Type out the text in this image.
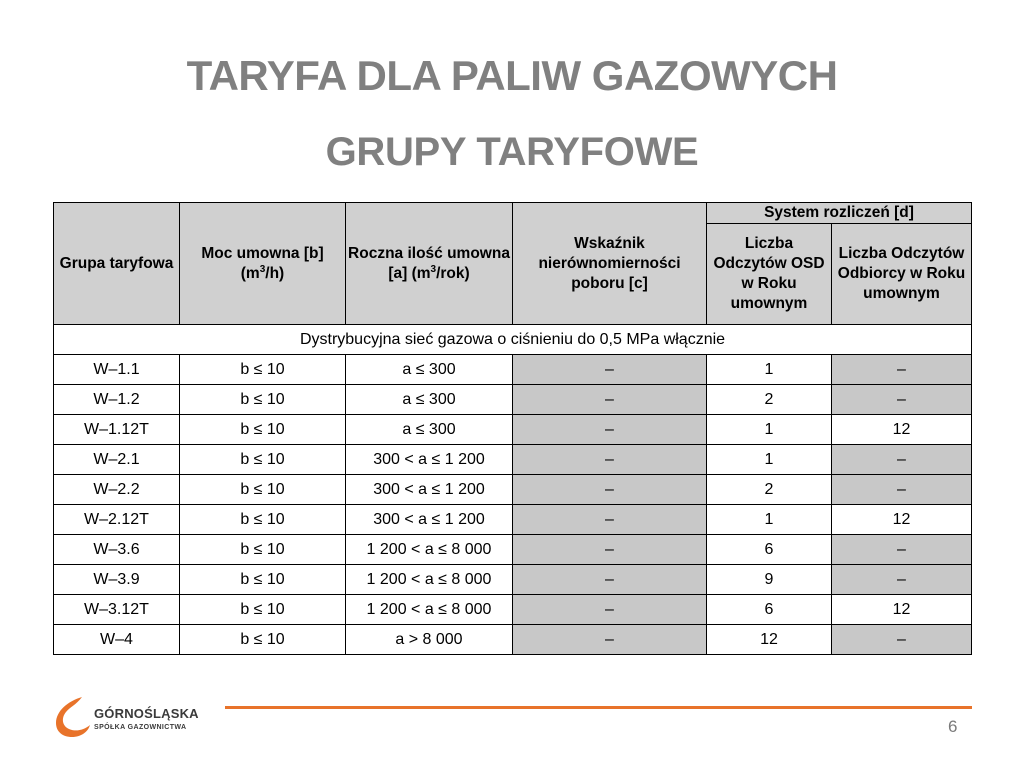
TARYFA DLA PALIW GAZOWYCH
GRUPY TARYFOWE
Grupa taryfowa	Moc umowna [b] $(m^3/h)$	Roczna ilość umowna [a] $(m^3/rok)$	Wskaźnik nierównomierności poboru [c]	System rozliczeń [d]	
				Liczba Odczytów OSD w Roku umownym	Liczba Odczytów Odbiorcy w Roku umownym
Dystrybucyjna sieć gazowa o ciśnieniu do 0,5 MPa włącznie					
W–1.1	b ≤ 10	a ≤ 300	–	1	–
W–1.2	b ≤ 10	a ≤ 300	–	2	–
W–1.12T	b ≤ 10	a ≤ 300	–	1	12
W–2.1	b ≤ 10	300 < a ≤ 1 200	–	1	–
W–2.2	b ≤ 10	300 < a ≤ 1 200	–	2	–
W–2.12T	b ≤ 10	300 < a ≤ 1 200	–	1	12
W–3.6	b ≤ 10	1 200 < a ≤ 8 000	–	6	–
W–3.9	b ≤ 10	1 200 < a ≤ 8 000	–	9	–
W–3.12T	b ≤ 10	1 200 < a ≤ 8 000	–	6	12
W–4	b ≤ 10	a > 8 000	–	12	–
GÓRNOŚLĄSKA
SPÓŁKA GAZOWNICTWA	6
